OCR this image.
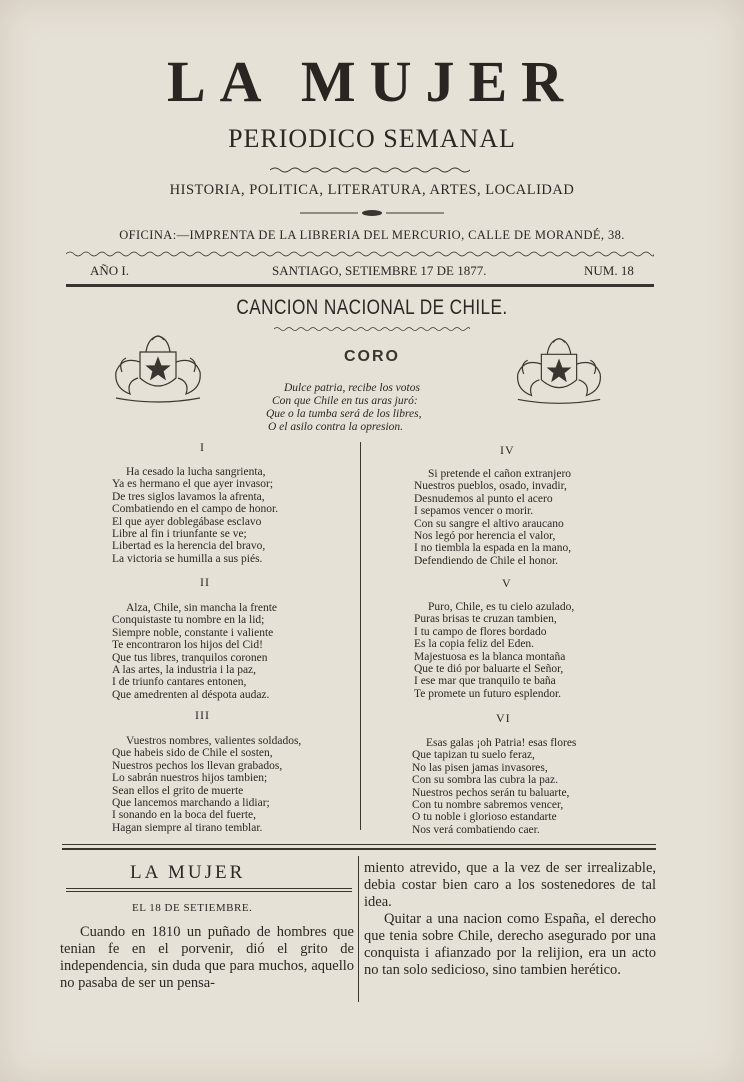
LA MUJER
PERIODICO SEMANAL
HISTORIA, POLITICA, LITERATURA, ARTES, LOCALIDAD
OFICINA:—IMPRENTA DE LA LIBRERIA DEL MERCURIO, CALLE DE MORANDÉ, 38.
AÑO I.	SANTIAGO, SETIEMBRE 17 DE 1877.	NUM. 18
CANCION NACIONAL DE CHILE.
CORO
Dulce patria, recibe los votos
Con que Chile en tus aras juró:
Que o la tumba será de los libres,
O el asilo contra la opresion.
I
Ha cesado la lucha sangrienta,
Ya es hermano el que ayer invasor;
De tres siglos lavamos la afrenta,
Combatiendo en el campo de honor.
El que ayer doblegábase esclavo
Libre al fin i triunfante se ve;
Libertad es la herencia del bravo,
La victoria se humilla a sus piés.
II
Alza, Chile, sin mancha la frente
Conquistaste tu nombre en la lid;
Siempre noble, constante i valiente
Te encontraron los hijos del Cid!
Que tus libres, tranquilos coronen
A las artes, la industria i la paz,
I de triunfo cantares entonen,
Que amedrenten al déspota audaz.
III
Vuestros nombres, valientes soldados,
Que habeis sido de Chile el sosten,
Nuestros pechos los llevan grabados,
Lo sabrán nuestros hijos tambien;
Sean ellos el grito de muerte
Que lancemos marchando a lidiar;
I sonando en la boca del fuerte,
Hagan siempre al tirano temblar.
IV
Si pretende el cañon extranjero
Nuestros pueblos, osado, invadir,
Desnudemos al punto el acero
I sepamos vencer o morir.
Con su sangre el altivo araucano
Nos legó por herencia el valor,
I no tiembla la espada en la mano,
Defendiendo de Chile el honor.
V
Puro, Chile, es tu cielo azulado,
Puras brisas te cruzan tambien,
I tu campo de flores bordado
Es la copia feliz del Eden.
Majestuosa es la blanca montaña
Que te dió por baluarte el Señor,
I ese mar que tranquilo te baña
Te promete un futuro esplendor.
VI
Esas galas ¡oh Patria! esas flores
Que tapizan tu suelo feraz,
No las pisen jamas invasores,
Con su sombra las cubra la paz.
Nuestros pechos serán tu baluarte,
Con tu nombre sabremos vencer,
O tu noble i glorioso estandarte
Nos verá combatiendo caer.
LA MUJER
EL 18 DE SETIEMBRE.

Cuando en 1810 un puñado de hombres que tenian fe en el porvenir, dió el grito de independencia, sin duda que para muchos, aquello no pasaba de ser un pensa-

miento atrevido, que a la vez de ser irrealizable, debia costar bien caro a los sostenedores de tal idea.

Quitar a una nacion como España, el derecho que tenia sobre Chile, derecho asegurado por una conquista i afianzado por la relijion, era un acto no tan solo sedicioso, sino tambien herético.
